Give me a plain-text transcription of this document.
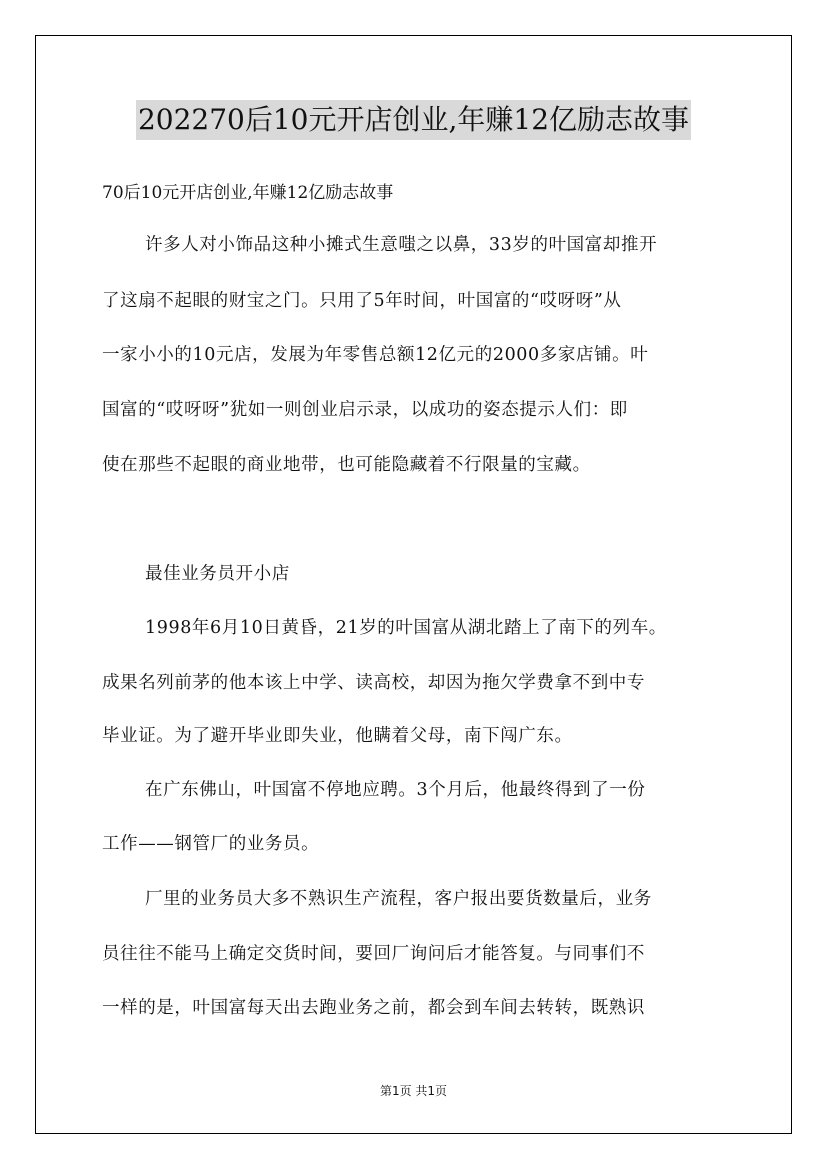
202270后10元开店创业,年赚12亿励志故事
70后10元开店创业,年赚12亿励志故事
许多人对小饰品这种小摊式生意嗤之以鼻，33岁的叶国富却推开
了这扇不起眼的财宝之门。只用了5年时间，叶国富的“哎呀呀”从
一家小小的10元店，发展为年零售总额12亿元的2000多家店铺。叶
国富的“哎呀呀”犹如一则创业启示录，以成功的姿态提示人们：即
使在那些不起眼的商业地带，也可能隐藏着不行限量的宝藏。
最佳业务员开小店
1998年6月10日黄昏，21岁的叶国富从湖北踏上了南下的列车。
成果名列前茅的他本该上中学、读高校，却因为拖欠学费拿不到中专
毕业证。为了避开毕业即失业，他瞒着父母，南下闯广东。
在广东佛山，叶国富不停地应聘。3个月后，他最终得到了一份
工作——钢管厂的业务员。
厂里的业务员大多不熟识生产流程，客户报出要货数量后，业务
员往往不能马上确定交货时间，要回厂询问后才能答复。与同事们不
一样的是，叶国富每天出去跑业务之前，都会到车间去转转，既熟识
第1页 共1页
